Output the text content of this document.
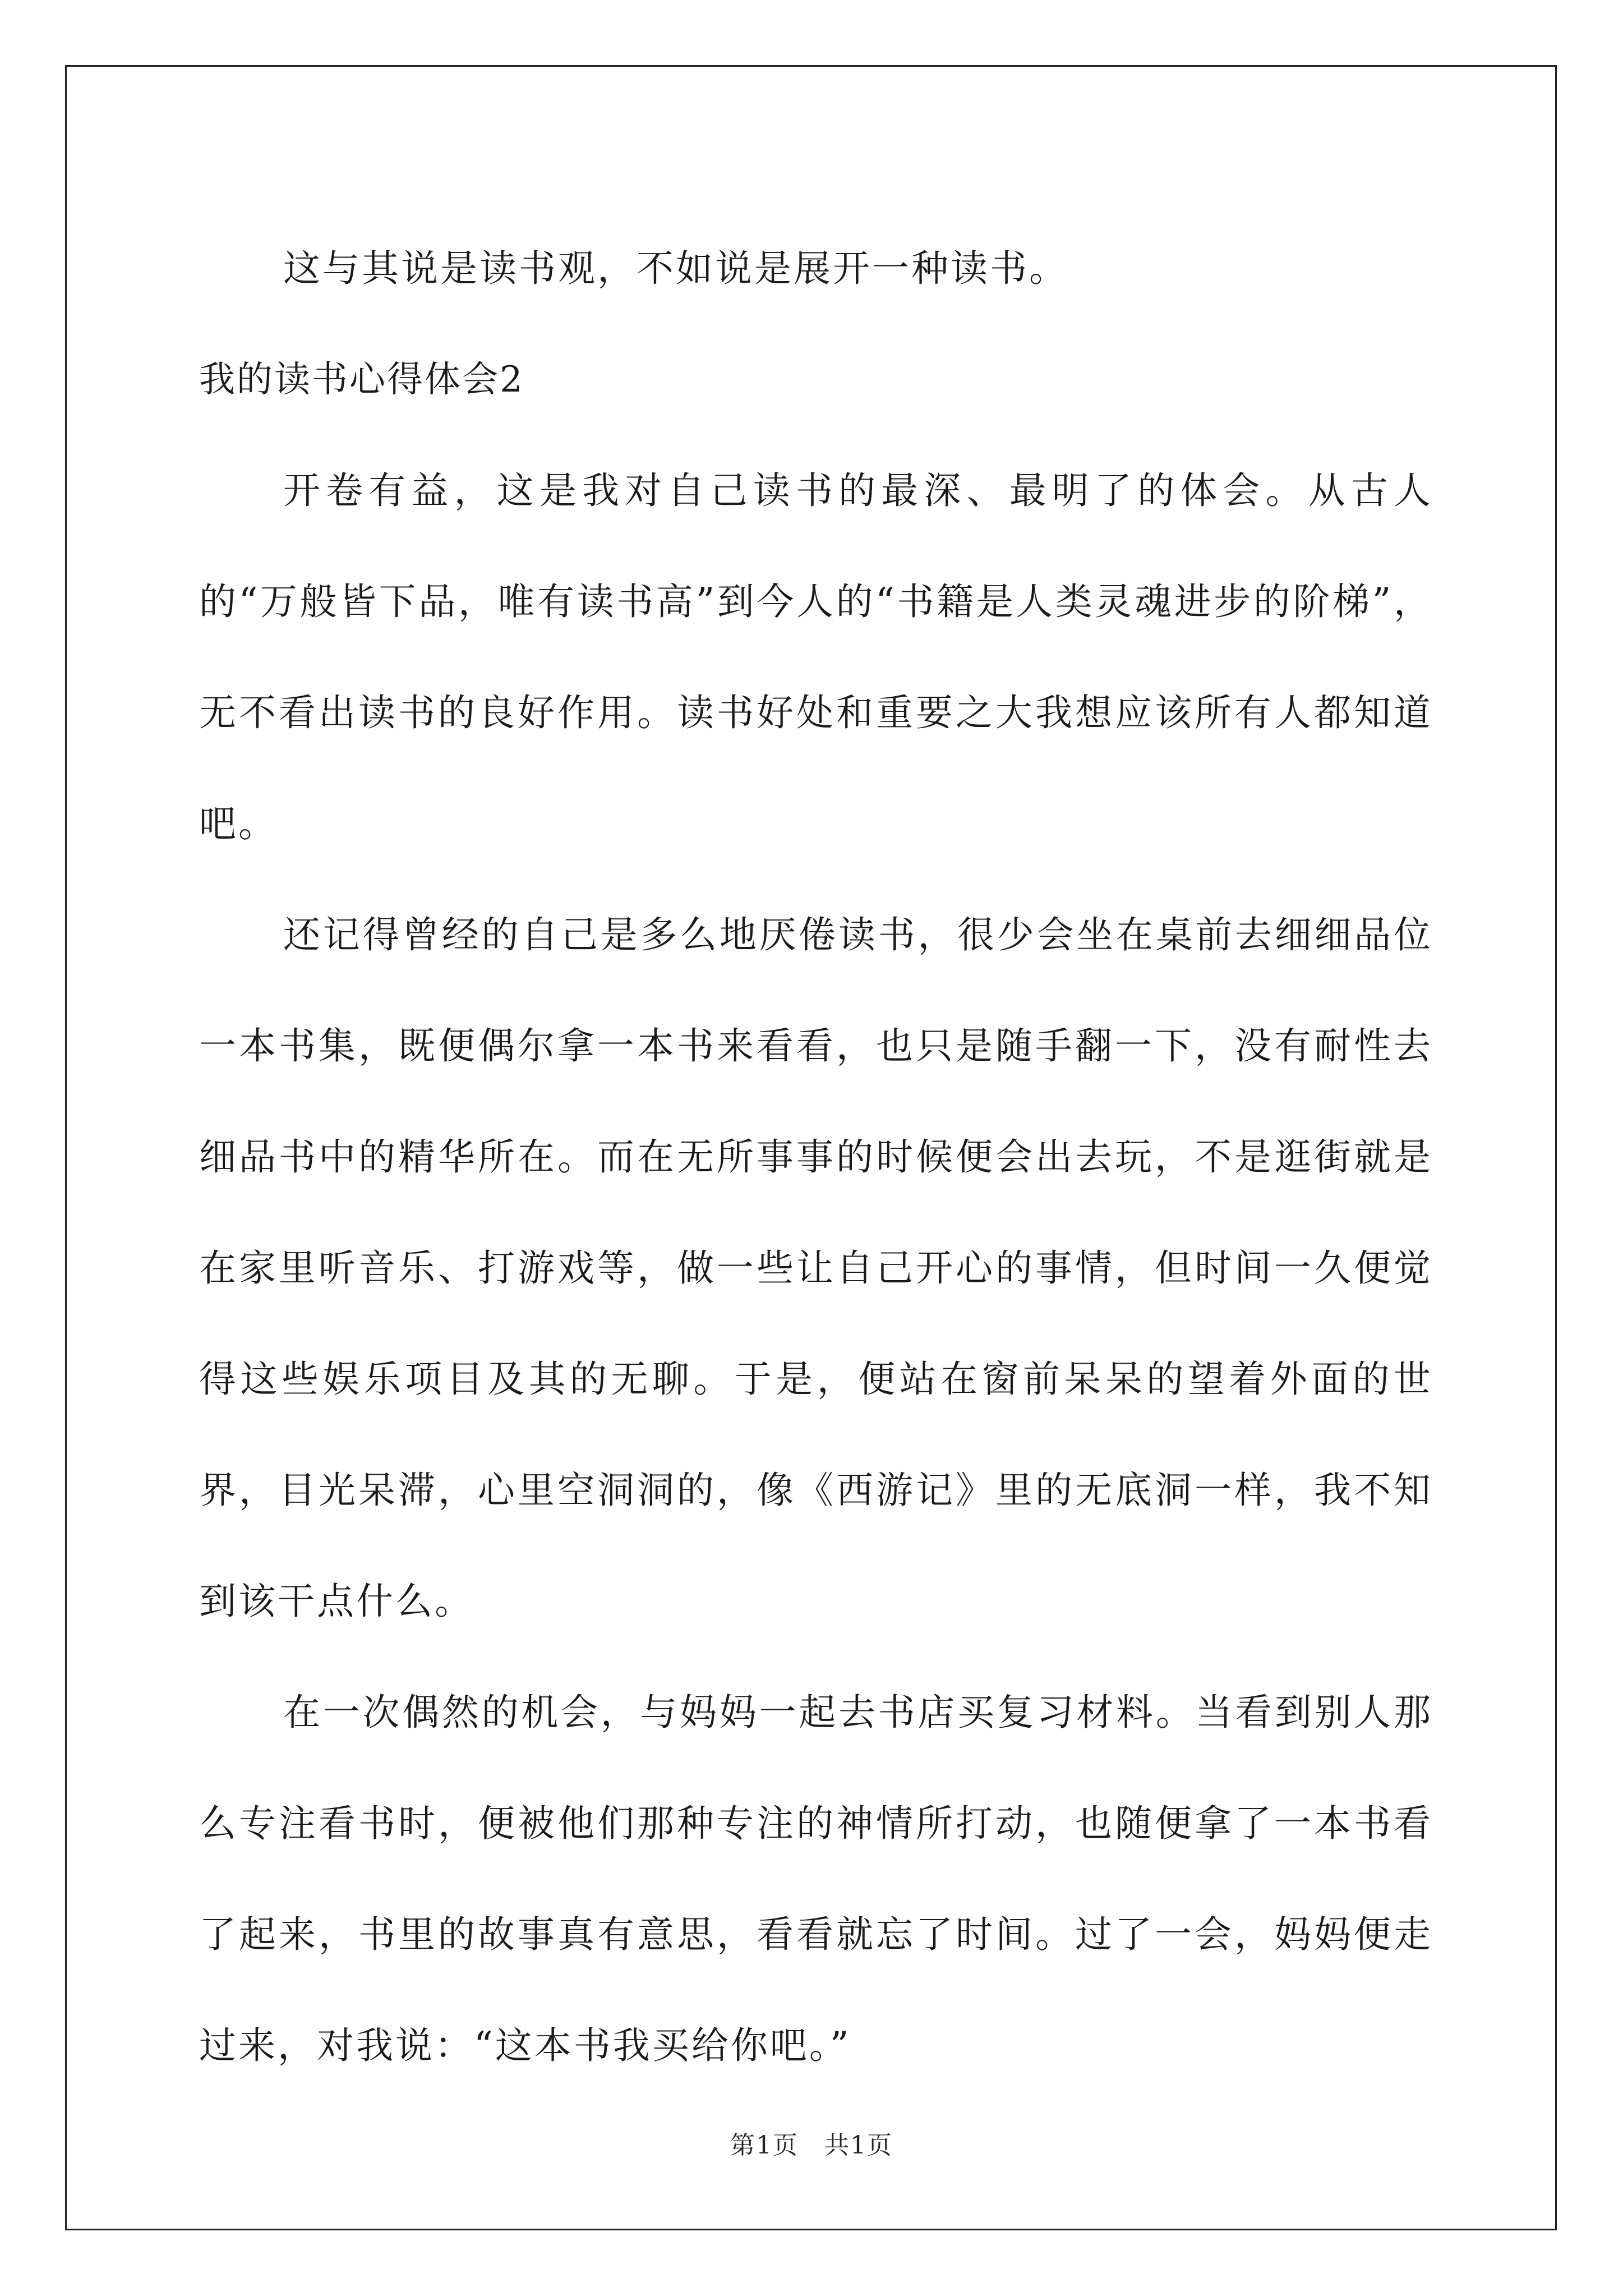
这与其说是读书观，不如说是展开一种读书。

我的读书心得体会2

开卷有益，这是我对自己读书的最深、最明了的体会。从古人的“万般皆下品，唯有读书高”到今人的“书籍是人类灵魂进步的阶梯”，无不看出读书的良好作用。读书好处和重要之大我想应该所有人都知道吧。

还记得曾经的自己是多么地厌倦读书，很少会坐在桌前去细细品位一本书集，既便偶尔拿一本书来看看，也只是随手翻一下，没有耐性去细品书中的精华所在。而在无所事事的时候便会出去玩，不是逛街就是在家里听音乐、打游戏等，做一些让自己开心的事情，但时间一久便觉得这些娱乐项目及其的无聊。于是，便站在窗前呆呆的望着外面的世界，目光呆滞，心里空洞洞的，像《西游记》里的无底洞一样，我不知到该干点什么。

在一次偶然的机会，与妈妈一起去书店买复习材料。当看到别人那么专注看书时，便被他们那种专注的神情所打动，也随便拿了一本书看了起来，书里的故事真有意思，看看就忘了时间。过了一会，妈妈便走过来，对我说：“这本书我买给你吧。”

第1页　共1页
